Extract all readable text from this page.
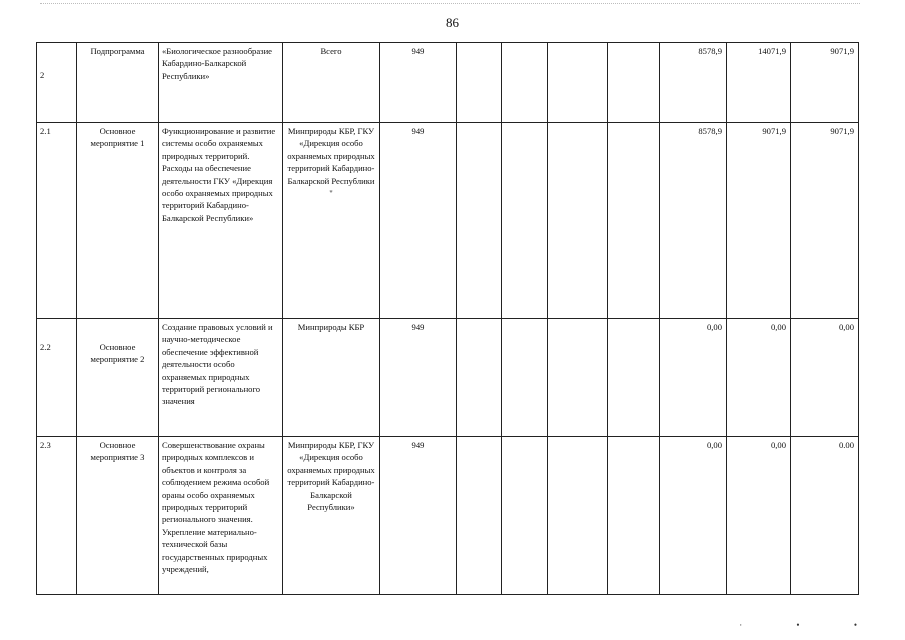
86
2	Подпрограмма	«Биологическое разнообразие Кабардино-Балкарской Республики»	Всего	949					8578,9	14071,9	9071,9
2.1	Основное мероприятие 1	Функционирование и развитие системы особо охраняемых природных территорий. Расходы на обеспечение деятельности ГКУ «Дирекция особо охраняемых природных территорий Кабардино-Балкарской Республики»	Минприроды КБР, ГКУ «Дирекция особо охраняемых природных территорий Кабардино-Балкарской Республики "	949					8578,9	9071,9	9071,9

2.2	Основное мероприятие 2	Создание правовых условий и научно-методическое обеспечение эффективной деятельности особо охраняемых природных территорий регионального значения	Минприроды КБР	949					0,00	0,00	0,00
2.3	Основное мероприятие 3	Совершенствование охраны природных комплексов и объектов и контроля за соблюдением режима особой орaны особо охраняемых природных территорий регионального значения. Укрепление материально-технической базы государственных природных учреждений,	Минприроды КБР, ГКУ «Дирекция особо охраняемых природных территорий Кабардино-Балкарской Республики»	949					0,00	0,00	0.00
· • •
